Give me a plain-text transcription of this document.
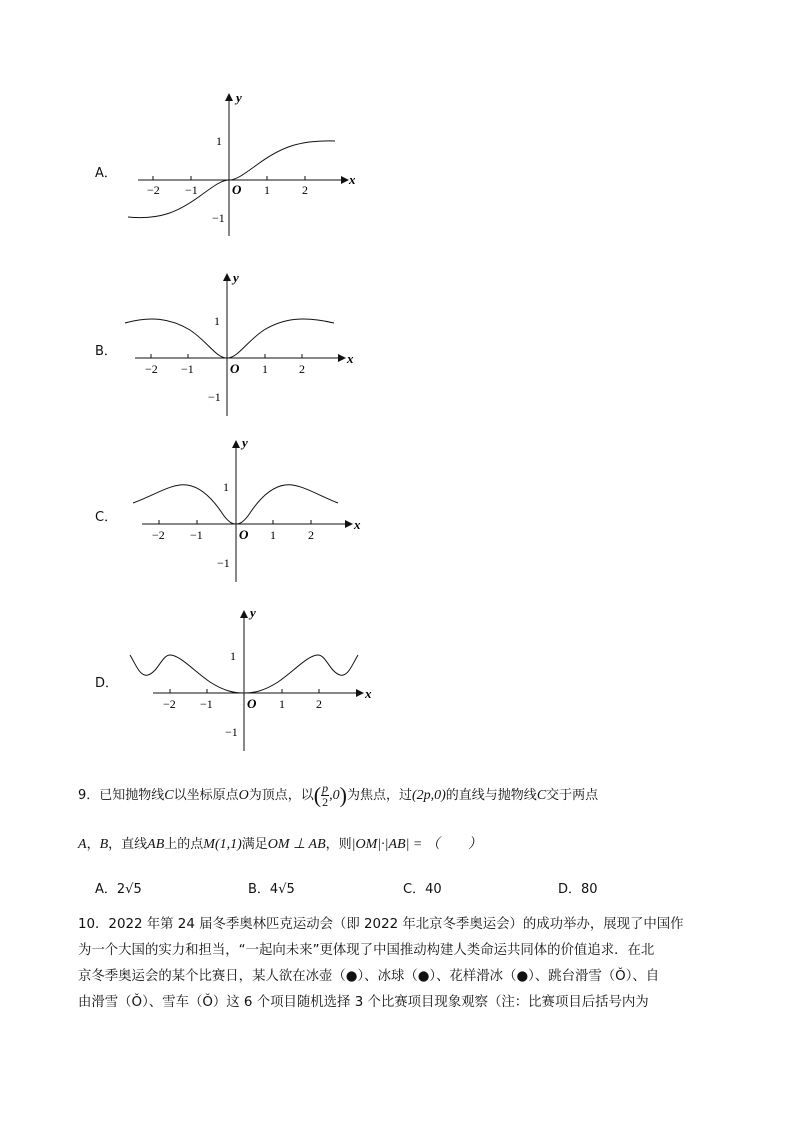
−2 −1	1	2
1
−1
O
x
y
A．
−2 −1	1	2
1
−1
O
x
y
B．
−2 −1	1	2
1
−1
O
x
y
C．
−2 −1	1	2
1
−1
O
x
y
D．
9．已知抛物线C以坐标原点O为顶点，以( $\frac{p}{2} ,0$)为焦点，过(2p,0)的直线与抛物线C交于两点
A，B，直线AB上的点M(1,1)满足OM ⊥ AB，则|OM|·|AB| = （　　）
A．2√5	B．4√5	C．40	D．80

10．2022 年第 24 届冬季奥林匹克运动会（即 2022 年北京冬季奥运会）的成功举办，展现了中国作

为一个大国的实力和担当，“一起向未来”更体现了中国推动构建人类命运共同体的价值追求．在北

京冬季奥运会的某个比赛日，某人欲在冰壶（●）、冰球（●）、花样滑冰（●）、跳台滑雪（Ǒ）、自

由滑雪（Ǒ）、雪车（Ǒ）这 6 个项目随机选择 3 个比赛项目现象观察（注：比赛项目后括号内为
